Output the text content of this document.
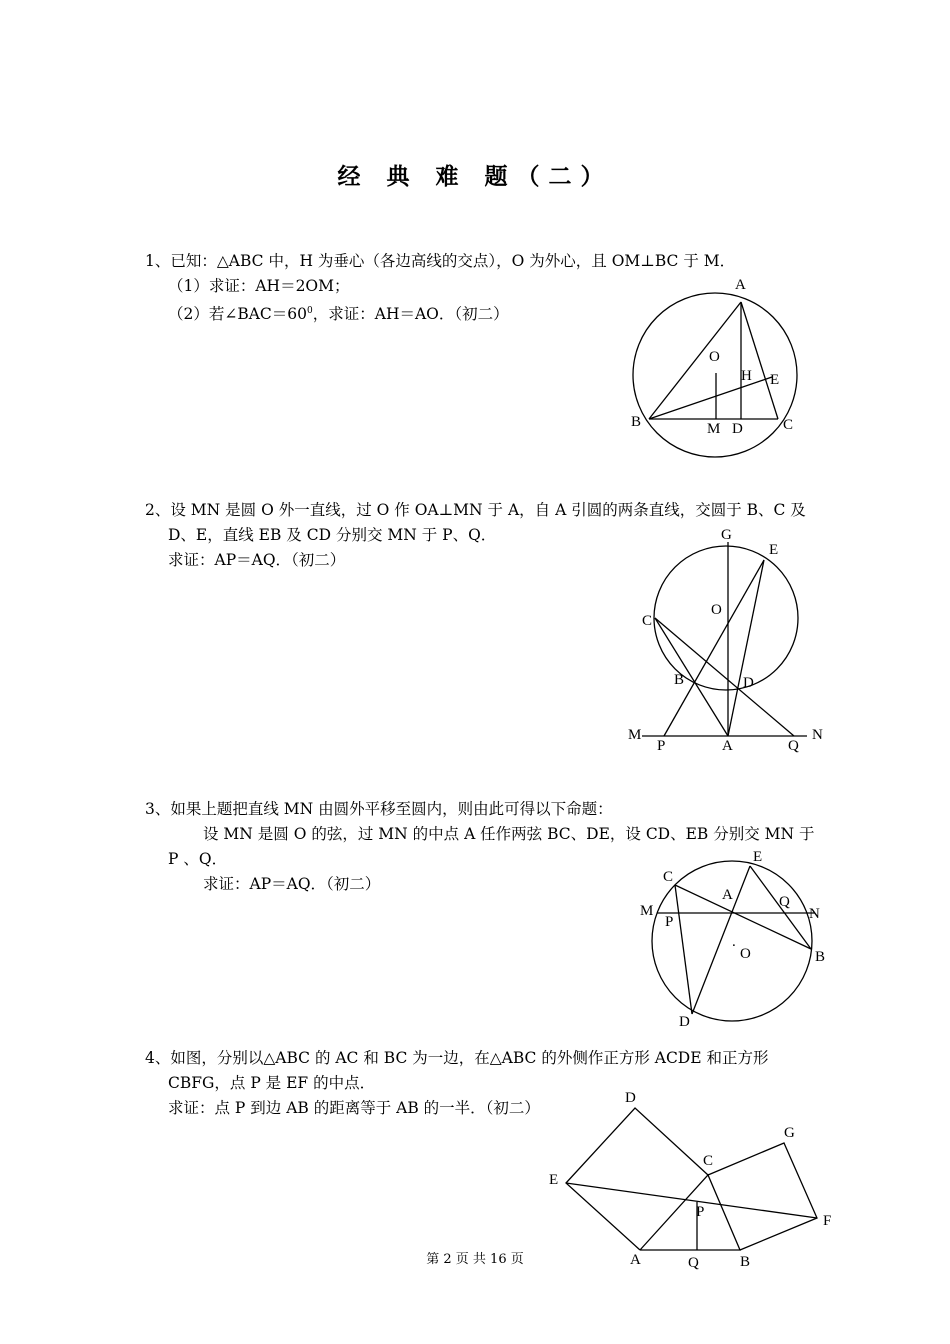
经 典 难 题（二）
1、已知：△ABC 中，H 为垂心（各边高线的交点），O 为外心，且 OM⊥BC 于 M．
（1）求证：AH＝2OM；
（2）若$\angle BAC=60^0$，求证：AH＝AO．（初二）
A
O
H E
B	M D	C
2、设 MN 是圆 O 外一直线，过 O 作 OA⊥MN 于 A，自 A 引圆的两条直线，交圆于 B、C 及
D、E，直线 EB 及 CD 分别交 MN 于 P、Q．
求证：AP＝AQ．（初二）
G
E
O
C
B	D
M
P	A	Q
N
3、如果上题把直线 MN 由圆外平移至圆内，则由此可得以下命题：
设 MN 是圆 O 的弦，过 MN 的中点 A 任作两弦 BC、DE，设 CD、EB 分别交 MN 于
P 、Q．
求证：AP＝AQ．（初二）
.
E
C
A	Q
M	N
P
O	B
D
4、如图，分别以△ABC 的 AC 和 BC 为一边，在△ABC 的外侧作正方形 ACDE 和正方形
CBFG，点 P 是 EF 的中点．
求证：点 P 到边 AB 的距离等于 AB 的一半．（初二）
D
G
C
E
P
F
A	Q	B
第 2 页 共 16 页
